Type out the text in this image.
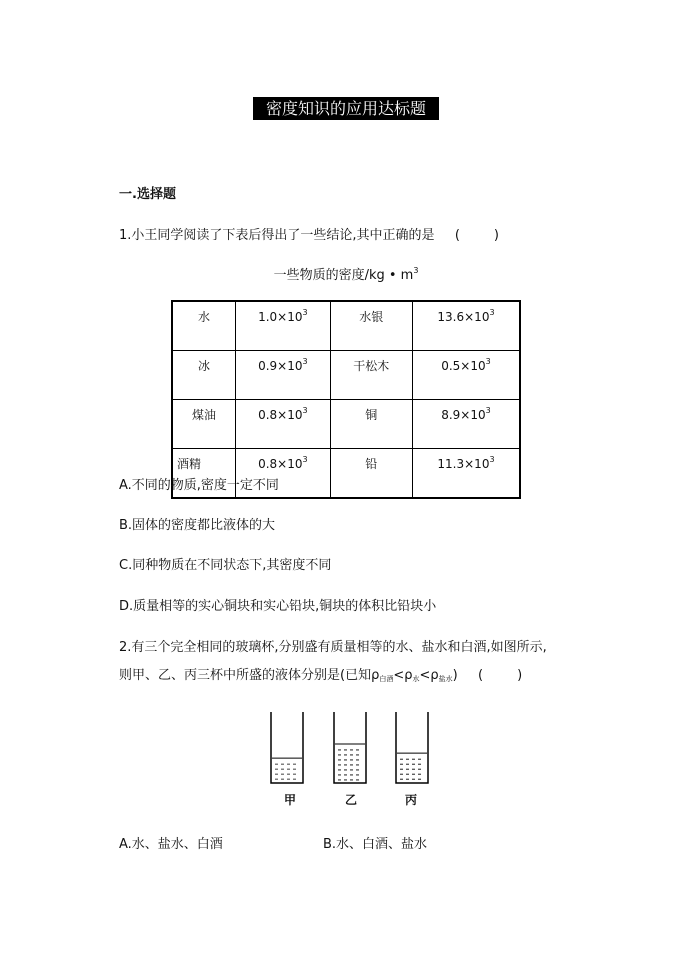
密度知识的应用达标题
一.选择题
1.小王同学阅读了下表后得出了一些结论,其中正确的是 (	)
一些物质的密度/kg • $m^3$
水	$1.0\times 10^3$	水银	$13.6\times 10^3$
冰	$0.9\times 10^3$	干松木	$0.5\times 10^3$
煤油	$0.8\times 10^3$	铜	$8.9\times 10^3$
酒精	$0.8\times 10^3$	铅	$11.3\times 10^3$
A.不同的物质,密度一定不同
B.固体的密度都比液体的大
C.同种物质在不同状态下,其密度不同
D.质量相等的实心铜块和实心铅块,铜块的体积比铅块小
2.有三个完全相同的玻璃杯,分别盛有质量相等的水、盐水和白酒,如图所示,
则甲、乙、丙三杯中所盛的液体分别是(已知$\rho_{白酒}<\rho_水<\rho_{盐水}$) (	)
甲	乙	丙
A.水、盐水、白酒	B.水、白酒、盐水
